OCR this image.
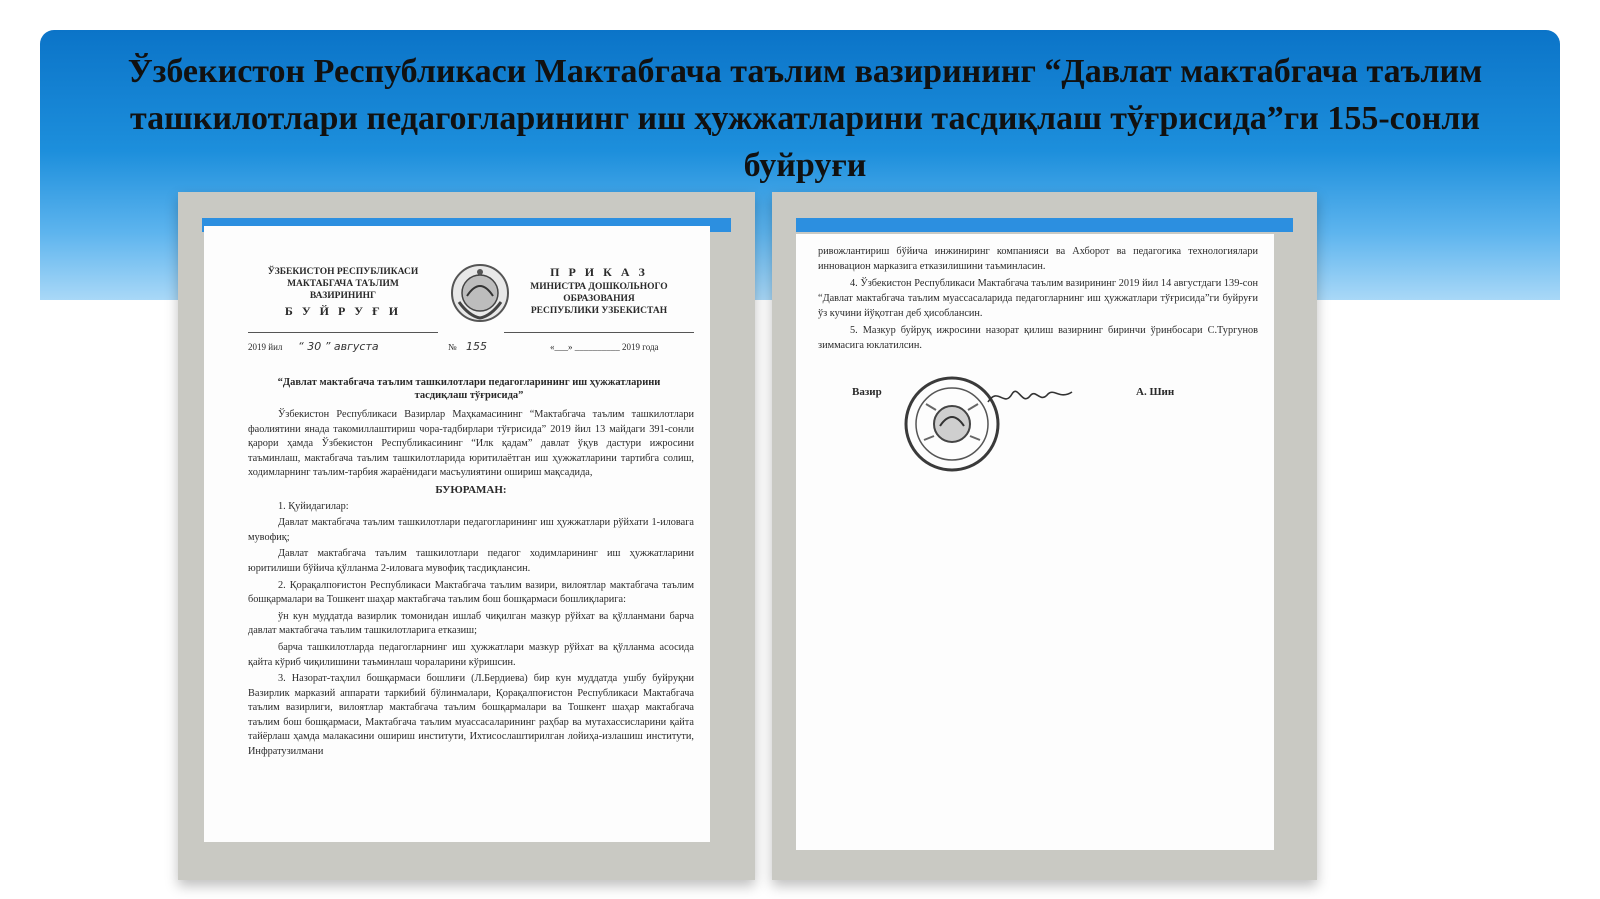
Ўзбекистон Республикаси Мактабгача таълим вазирининг “Давлат мактабгача таълим ташкилотлари педагогларининг иш ҳужжатларини тасдиқлаш тўғрисида”ги 155-сонли буйруғи
ЎЗБЕКИСТОН РЕСПУБЛИКАСИ
МАКТАБГАЧА ТАЪЛИМ
ВАЗИРИНИНГ
Б У Й Р У Ғ И
П Р И К А З
МИНИСТРА ДОШКОЛЬНОГО
ОБРАЗОВАНИЯ
РЕСПУБЛИКИ УЗБЕКИСТАН
2019 йил “ 30 ” августа	№ 155	«___» __________ 2019 года
“Давлат мактабгача таълим ташкилотлари педагогларининг иш ҳужжатларини тасдиқлаш тўғрисида”

Ўзбекистон Республикаси Вазирлар Маҳкамасининг “Мактабгача таълим ташкилотлари фаолиятини янада такомиллаштириш чора-тадбирлари тўғрисида” 2019 йил 13 майдаги 391-сонли қарори ҳамда Ўзбекистон Республикасининг “Илк қадам” давлат ўқув дастури ижросини таъминлаш, мактабгача таълим ташкилотларида юритилаётган иш ҳужжатларини тартибга солиш, ходимларнинг таълим-тарбия жараёнидаги масъулиятини ошириш мақсадида,

БУЮРАМАН:

1. Қуйидагилар:

Давлат мактабгача таълим ташкилотлари педагогларининг иш ҳужжатлари рўйхати 1-иловага мувофиқ;

Давлат мактабгача таълим ташкилотлари педагог ходимларининг иш ҳужжатларини юритилиши бўйича қўлланма 2-иловага мувофиқ тасдиқлансин.

2. Қорақалпоғистон Республикаси Мактабгача таълим вазири, вилоятлар мактабгача таълим бошқармалари ва Тошкент шаҳар мактабгача таълим бош бошқармаси бошлиқларига:

ўн кун муддатда вазирлик томонидан ишлаб чиқилган мазкур рўйхат ва қўлланмани барча давлат мактабгача таълим ташкилотларига етказиш;

барча ташкилотларда педагогларнинг иш ҳужжатлари мазкур рўйхат ва қўлланма асосида қайта кўриб чиқилишини таъминлаш чораларини кўришсин.

3. Назорат-таҳлил бошқармаси бошлиғи (Л.Бердиева) бир кун муддатда ушбу буйруқни Вазирлик марказий аппарати таркибий бўлинмалари, Қорақалпоғистон Республикаси Мактабгача таълим вазирлиги, вилоятлар мактабгача таълим бошқармалари ва Тошкент шаҳар мактабгача таълим бош бошқармаси, Мактабгача таълим муассасаларининг раҳбар ва мутахассисларини қайта тайёрлаш ҳамда малакасини ошириш институти, Ихтисослаштирилган лойиҳа-излашиш институти, Инфратузилмани

ривожлантириш бўйича инжиниринг компанияси ва Ахборот ва педагогика технологиялари инновацион марказига етказилишини таъминласин.

4. Ўзбекистон Республикаси Мактабгача таълим вазирининг 2019 йил 14 августдаги 139-сон “Давлат мактабгача таълим муассасаларида педагогларнинг иш ҳужжатлари тўғрисида”ги буйруғи ўз кучини йўқотган деб ҳисоблансин.

5. Мазкур буйруқ ижросини назорат қилиш вазирнинг биринчи ўринбосари С.Тургунов зиммасига юклатилсин.

Вазир	А. Шин
